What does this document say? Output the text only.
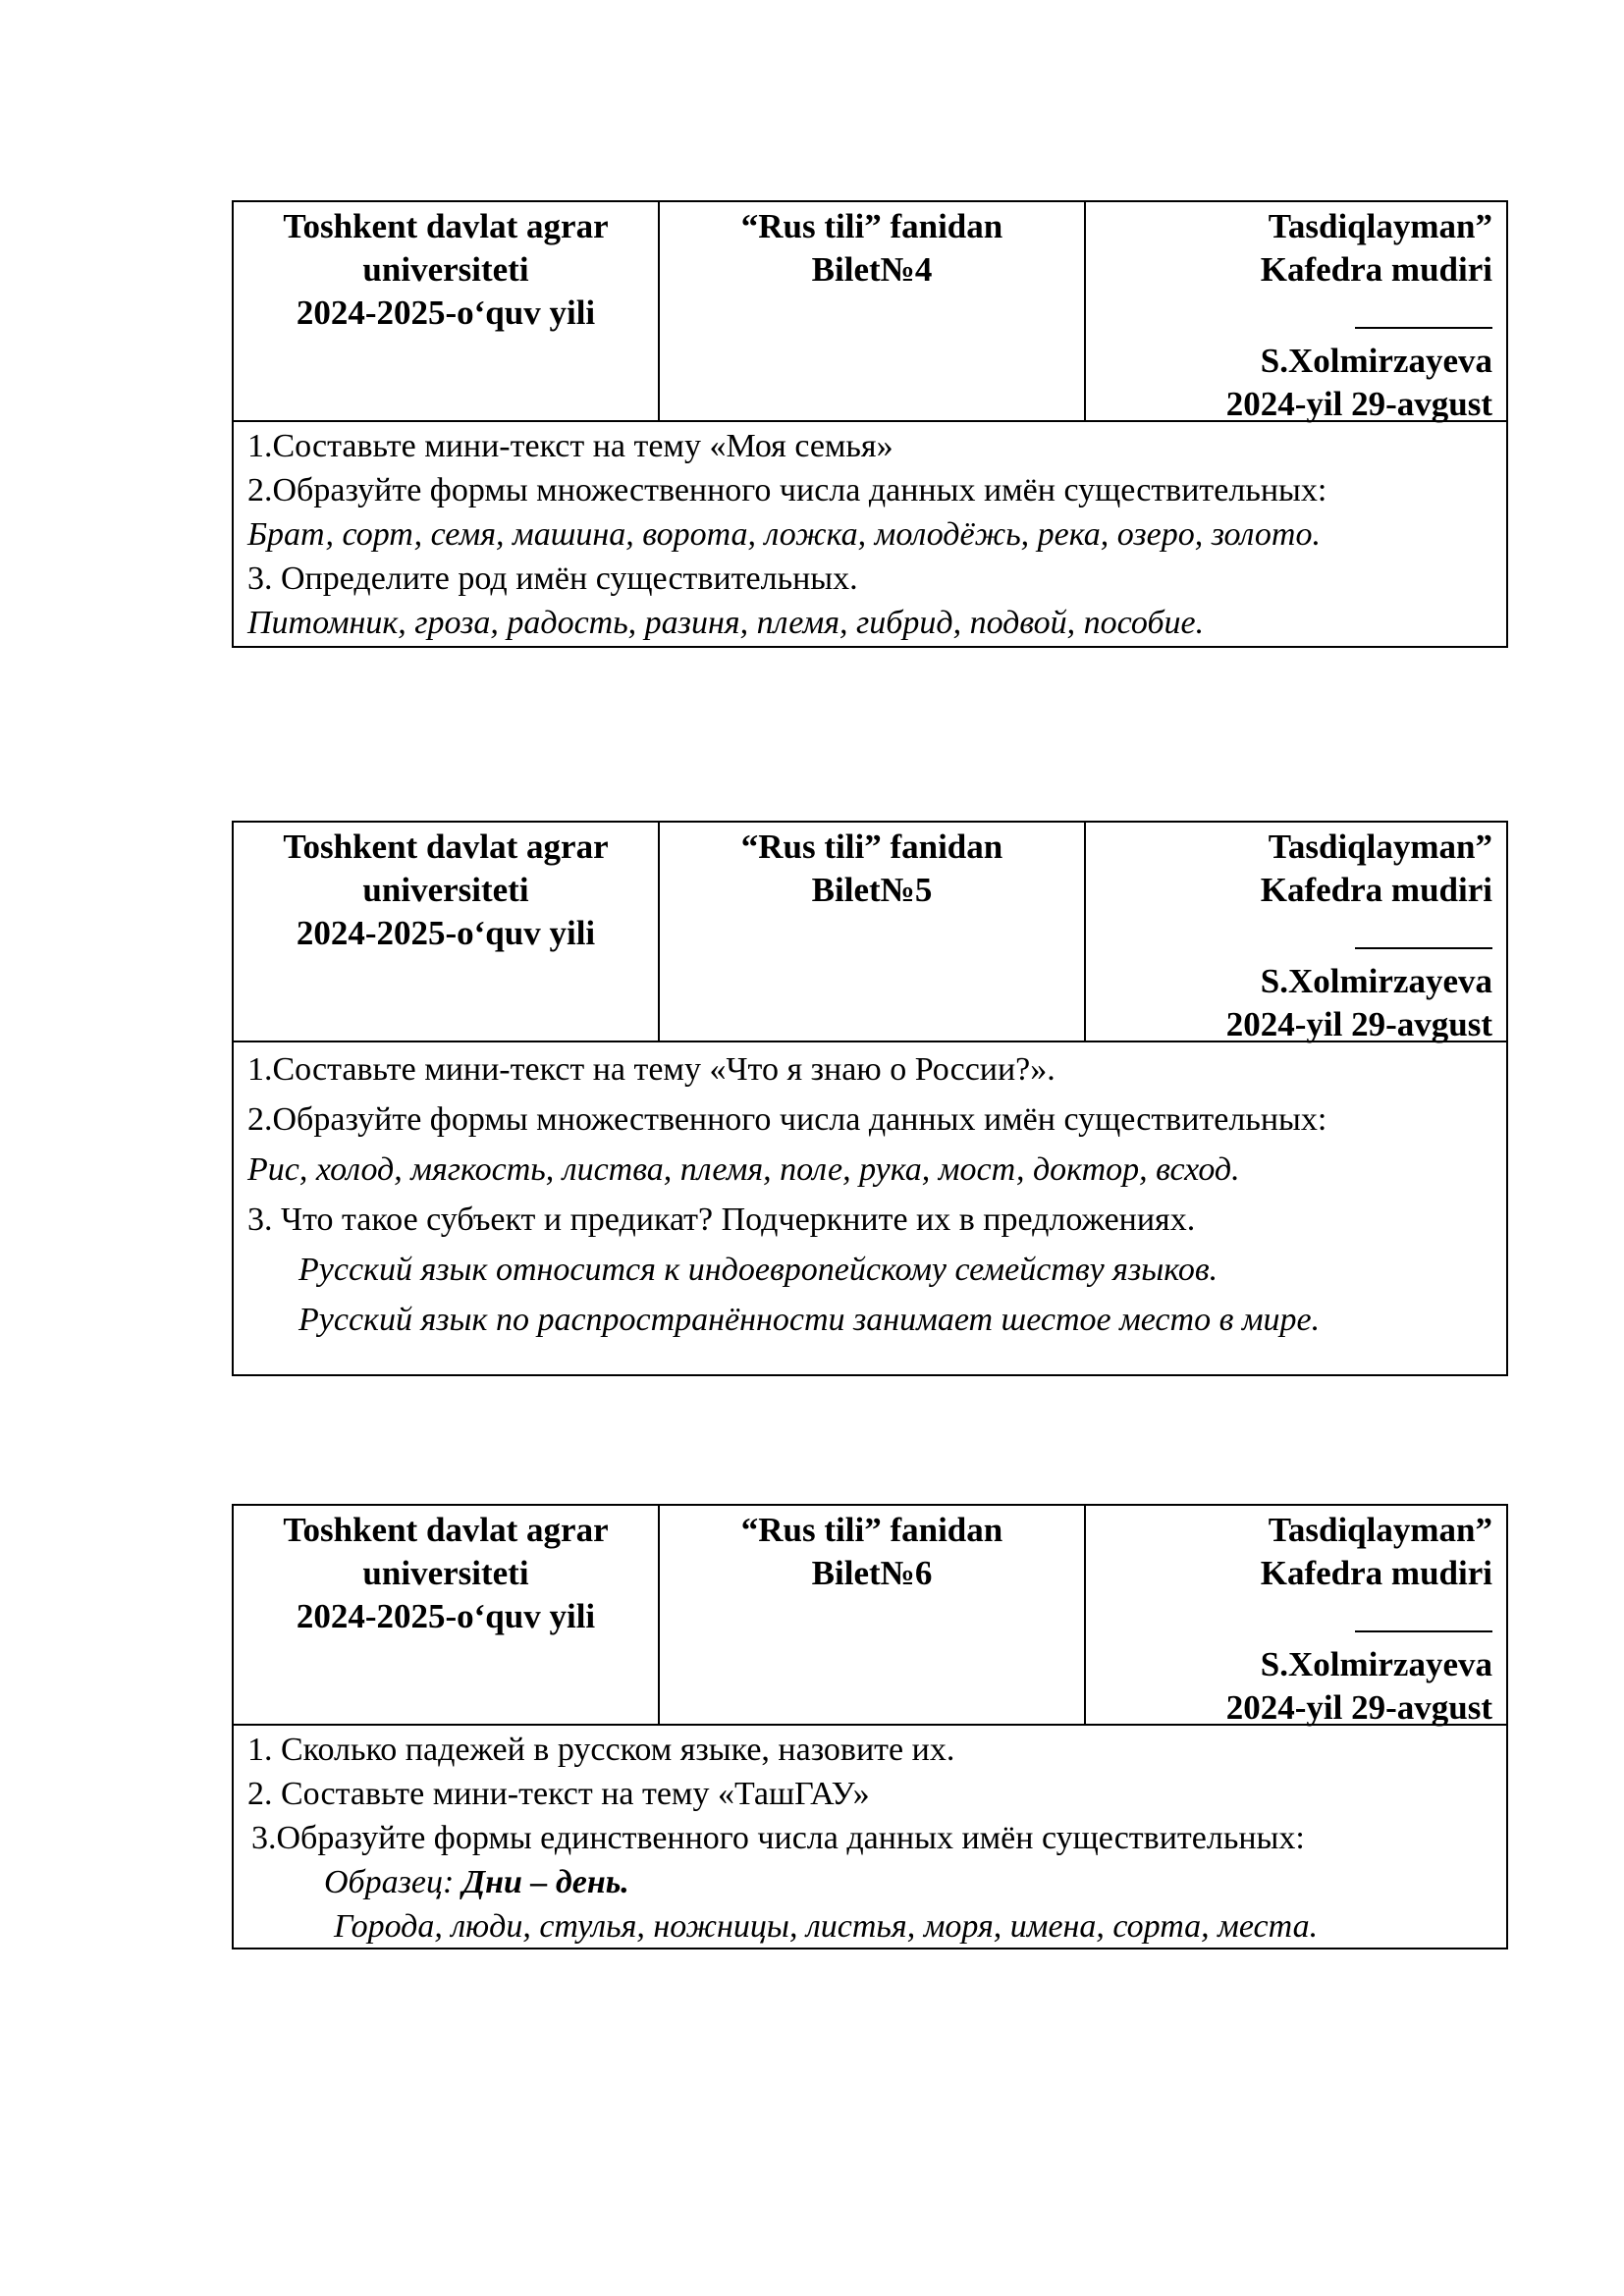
Toshkent davlat agrar
universiteti
2024-2025-o‘quv yili
“Rus tili” fanidan
Bilet№4
Tasdiqlayman”
Kafedra mudiri
S.Xolmirzayeva
2024-yil 29-avgust
1.Составьте мини-текст на тему «Моя семья»
2.Образуйте формы множественного числа данных имён существительных:
Брат, сорт, семя, машина, ворота, ложка, молодёжь, река, озеро, золото.
3. Определите род имён существительных.
Питомник, гроза, радость, разиня, племя, гибрид, подвой, пособие.
Toshkent davlat agrar
universiteti
2024-2025-o‘quv yili
“Rus tili” fanidan
Bilet№5
Tasdiqlayman”
Kafedra mudiri
S.Xolmirzayeva
2024-yil 29-avgust
1.Составьте мини-текст на тему «Что я знаю о России?».
2.Образуйте формы множественного числа данных имён существительных:
Рис, холод, мягкость, листва, племя, поле, рука, мост, доктор, всход.
3. Что такое субъект и предикат? Подчеркните их в предложениях.
Русский язык относится к индоевропейскому семейству языков.
Русский язык по распространённости занимает шестое место в мире.
Toshkent davlat agrar
universiteti
2024-2025-o‘quv yili
“Rus tili” fanidan
Bilet№6
Tasdiqlayman”
Kafedra mudiri
S.Xolmirzayeva
2024-yil 29-avgust
1. Сколько падежей в русском языке, назовите их.
2. Составьте мини-текст на тему «ТашГАУ»
3.Образуйте формы единственного числа данных имён существительных:
Образец: Дни – день.
Города, люди, стулья, ножницы, листья, моря, имена, сорта, места.
